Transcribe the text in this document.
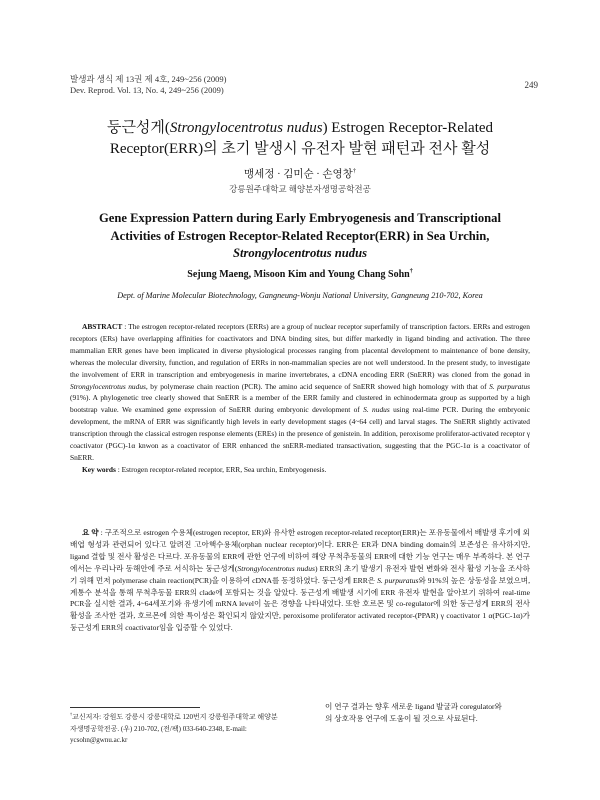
발생과 생식 제 13권 제 4호, 249~256 (2009)
Dev. Reprod. Vol. 13, No. 4, 249~256 (2009)	249
둥근성게(Strongylocentrotus nudus) Estrogen Receptor-Related
Receptor(ERR)의 초기 발생시 유전자 발현 패턴과 전사 활성
맹세정 · 김미순 · 손영창†
강릉원주대학교 해양분자생명공학전공
Gene Expression Pattern during Early Embryogenesis and Transcriptional
Activities of Estrogen Receptor-Related Receptor(ERR) in Sea Urchin,
Strongylocentrotus nudus
Sejung Maeng, Misoon Kim and Young Chang Sohn†
Dept. of Marine Molecular Biotechnology, Gangneung-Wonju National University, Gangneung 210-702, Korea

ABSTRACT : The estrogen receptor-related receptors (ERRs) are a group of nuclear receptor superfamily of transcription factors. ERRs and estrogen receptors (ERs) have overlapping affinities for coactivators and DNA binding sites, but differ markedly in ligand binding and activation. The three mammalian ERR genes have been implicated in diverse physiological processes ranging from placental development to maintenance of bone density, whereas the molecular diversity, function, and regulation of ERRs in non-mammalian species are not well understood. In the present study, to investigate the involvement of ERR in transcription and embryogenesis in marine invertebrates, a cDNA encoding ERR (SnERR) was cloned from the gonad in Strongylocentrotus nudus, by polymerase chain reaction (PCR). The amino acid sequence of SnERR showed high homology with that of S. purpuratus (91%). A phylogenetic tree clearly showed that SnERR is a member of the ERR family and clustered in echinodermata group as supported by a high bootstrap value. We examined gene expression of SnERR during embryonic development of S. nudus using real-time PCR. During the embryonic development, the mRNA of ERR was significantly high levels in early development stages (4~64 cell) and larval stages. The SnERR slightly activated transcription through the classical estrogen response elements (EREs) in the presence of genistein. In addition, peroxisome proliferator-activated receptor γ coactivator (PGC)-1α knwon as a coactivator of ERR enhanced the snERR-mediated transactivation, suggesting that the PGC-1α is a coactivator of SnERR.

Key words : Estrogen receptor-related receptor, ERR, Sea urchin, Embryogenesis.

요 약 : 구조적으로 estrogen 수용체(estrogen receptor, ER)와 유사한 estrogen receptor-related receptor(ERR)는 포유동물에서 배발생 후기에 외배엽 형성과 관련되어 있다고 알려진 고아핵수용체(orphan nuclear receptor)이다. ERR은 ER과 DNA binding domain의 보존성은 유사하지만, ligand 결합 및 전사 활성은 다르다. 포유동물의 ERR에 관한 연구에 비하여 해양 무척추동물의 ERR에 대한 기능 연구는 매우 부족하다. 본 연구에서는 우리나라 동해안에 주로 서식하는 둥근성게(Strongylocentrotus nudus) ERR의 초기 발생기 유전자 발현 변화와 전사 활성 기능을 조사하기 위해 먼저 polymerase chain reaction(PCR)을 이용하여 cDNA를 동정하였다. 둥근성게 ERR은 S. purpuratus와 91%의 높은 상동성을 보였으며, 계통수 분석을 통해 무척추동물 ERR의 clade에 포함되는 것을 알았다. 둥근성게 배발생 시기에 ERR 유전자 발현을 알아보기 위하여 real-time PCR을 실시한 결과, 4~64세포기와 유생기에 mRNA level이 높은 경향을 나타내었다. 또한 호르몬 및 co-regulator에 의한 둥근성게 ERR의 전사 활성을 조사한 결과, 호르몬에 의한 특이성은 확인되지 않았지만, peroxisome proliferator activated receptor-(PPAR) γ coactivator 1 α(PGC-1α)가 둥근성게 ERR의 coactivator임을 입증할 수 있었다.

이 연구 결과는 향후 새로운 ligand 발굴과 coregulator와
의 상호작용 연구에 도움이 될 것으로 사료된다.
†교신저자: 강원도 강릉시 강릉대학로 120번지 강릉원주대학교 해양분자생명공학전공. (우) 210-702, (전/팩) 033-640-2348, E-mail: ycsohn@gwnu.ac.kr
